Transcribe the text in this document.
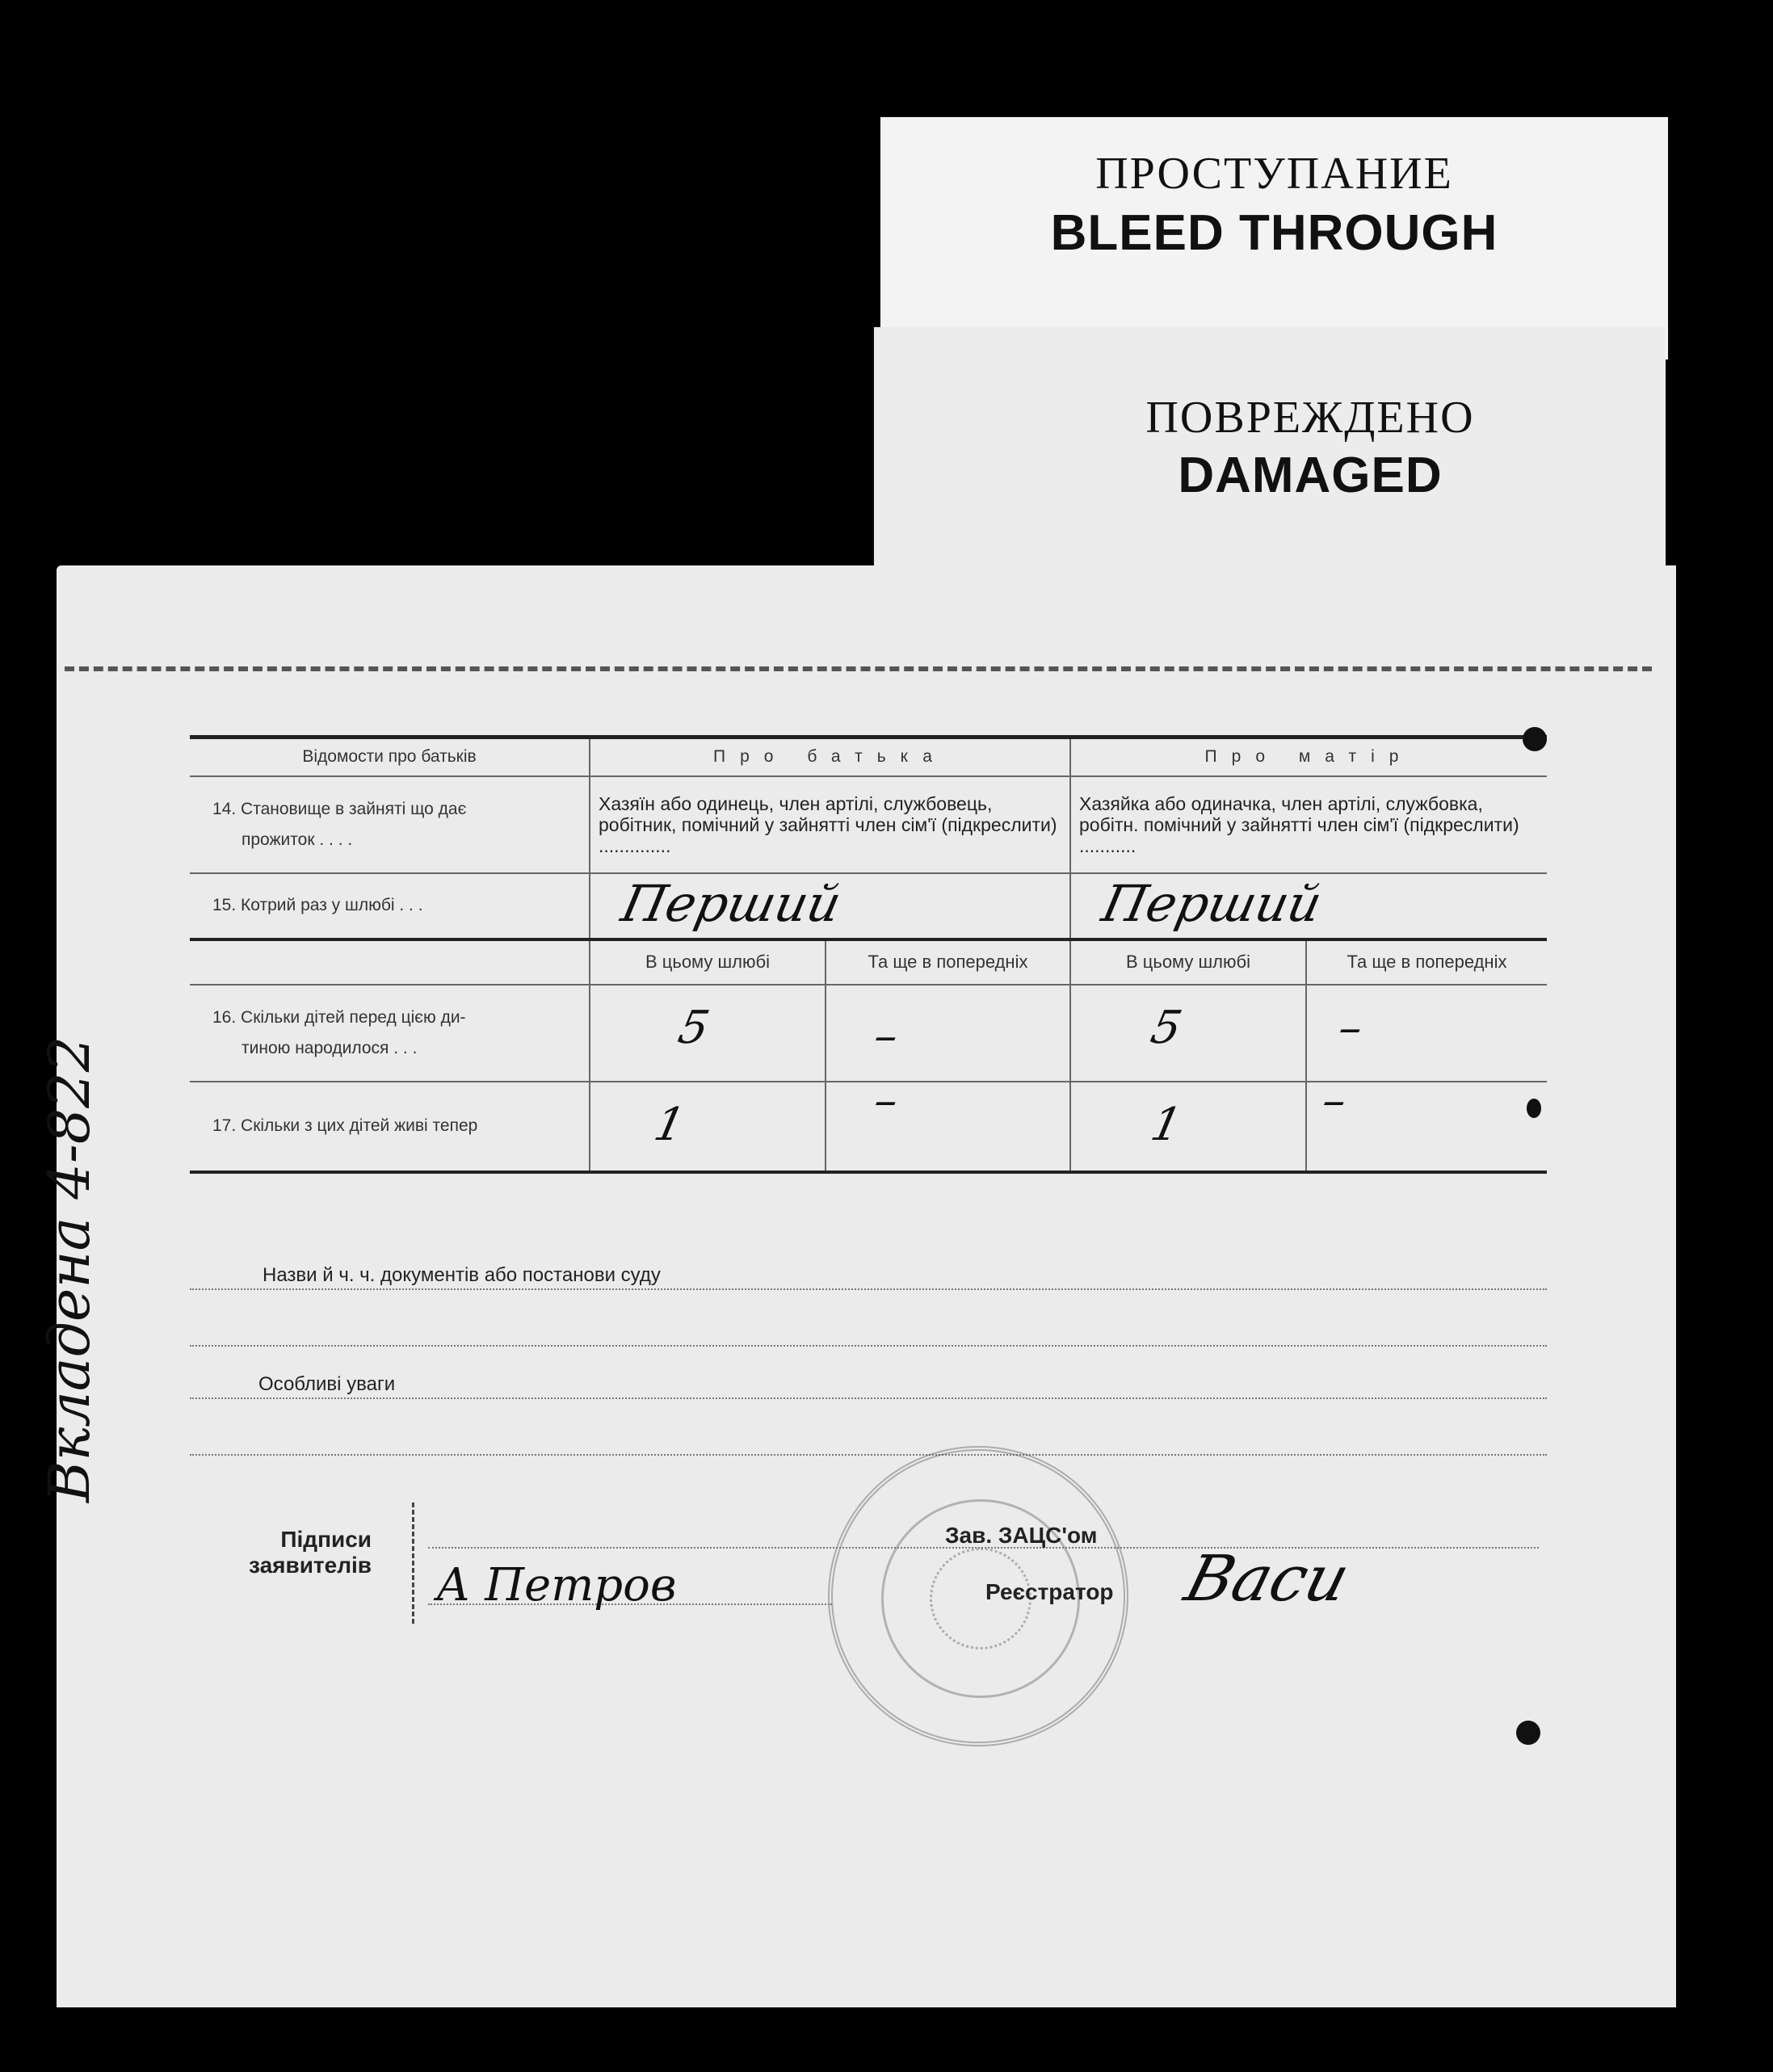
ПРОСТУПАНИЕ
BLEED THROUGH
ПОВРЕЖДЕНО
DAMAGED
Вкладена 4-822
Відомости про батьків	Про батька		Про матір	

14. Становище в зайняті що дає
прожиток . . . .	Хазяїн або одинець, член артілі, службовець, робітник, помічний у зайнятті член сім'ї (підкреслити) ..............		Хазяйка або одиначка, член артілі, службовка, робітн. помічний у зайнятті член сім'ї (підкреслити) ...........	
15. Котрий раз у шлюбі . . .	Перший		Перший	

	В цьому шлюбі	Та ще в попередніх	В цьому шлюбі	Та ще в попередніх

16. Скільки дітей перед цією ди-
тиною народилося . . .	5	–	5	–

17. Скільки з цих дітей живі тепер	1	–	1	–
Назви й ч. ч. документів або постанови суду
Особливі уваги
Підписи
заявителів А Петров
Зав. ЗАЦС'ом
Реєстратор	Васи
